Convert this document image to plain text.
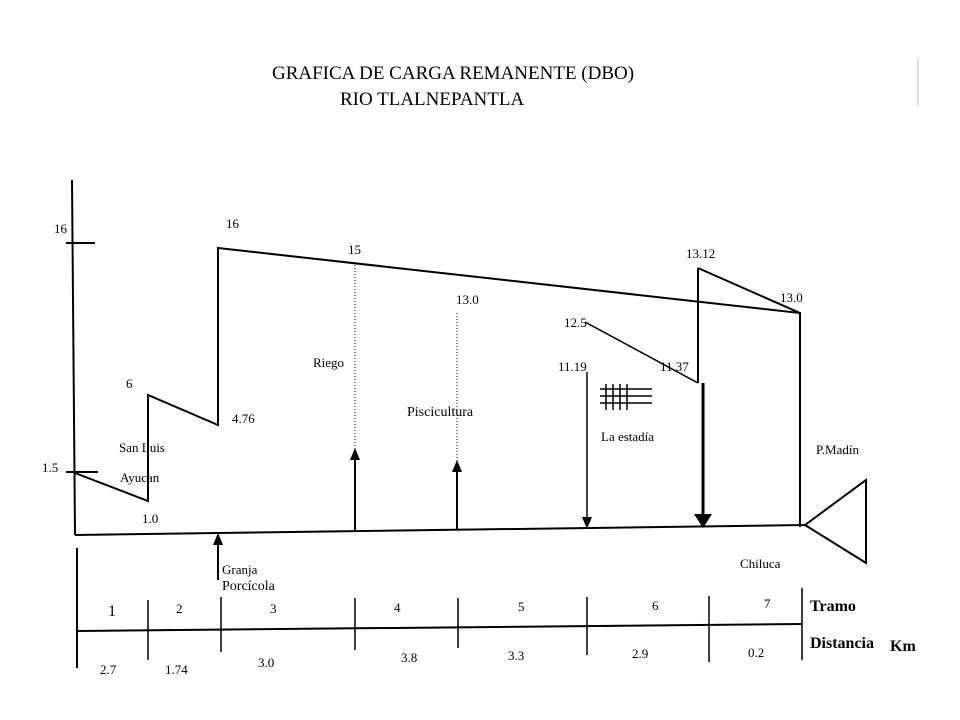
GRAFICA DE CARGA REMANENTE (DBO)
RIO TLALNEPANTLA
16
1.5
6
16
4.76
1.0
15
13.0
12.5
11.19	11.37
13.12
13.0
San Luis
Ayucan
Riego
Piscicultura
La estadía
P.Madín
Granja
Porcícola
Chiluca
1	2	3	4	5	6	7
2.7	1.74	3.0	3.8	3.3	2.9	0.2
Tramo
Distancia Km
